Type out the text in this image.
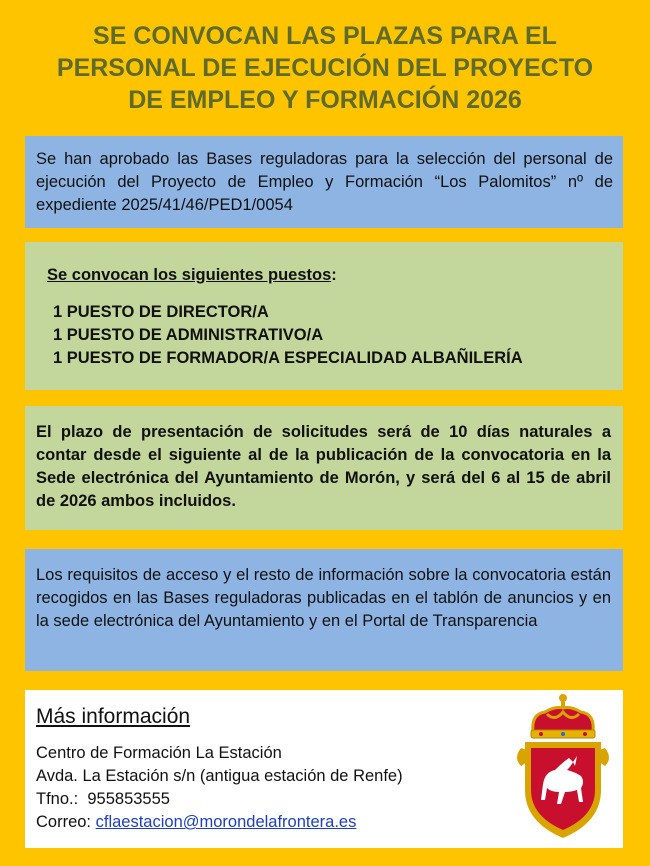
SE CONVOCAN LAS PLAZAS PARA EL
PERSONAL DE EJECUCIÓN DEL PROYECTO
DE EMPLEO Y FORMACIÓN 2026
Se han aprobado las Bases reguladoras para la selección del personal de ejecución del Proyecto de Empleo y Formación “Los Palomitos” nº de expediente 2025/41/46/PED1/0054
Se convocan los siguientes puestos:
1 PUESTO DE DIRECTOR/A
1 PUESTO DE ADMINISTRATIVO/A
1 PUESTO DE FORMADOR/A ESPECIALIDAD ALBAÑILERÍA
El plazo de presentación de solicitudes será de 10 días naturales a contar desde el siguiente al de la publicación de la convocatoria en la Sede electrónica del Ayuntamiento de Morón, y será del 6 al 15 de abril de 2026 ambos incluidos.
Los requisitos de acceso y el resto de información sobre la convocatoria están recogidos en las Bases reguladoras publicadas en el tablón de anuncios y en la sede electrónica del Ayuntamiento y en el Portal de Transparencia
Más información
Centro de Formación La Estación
Avda. La Estación s/n (antigua estación de Renfe)
Tfno.: 955853555
Correo: cflaestacion@morondelafrontera.es
